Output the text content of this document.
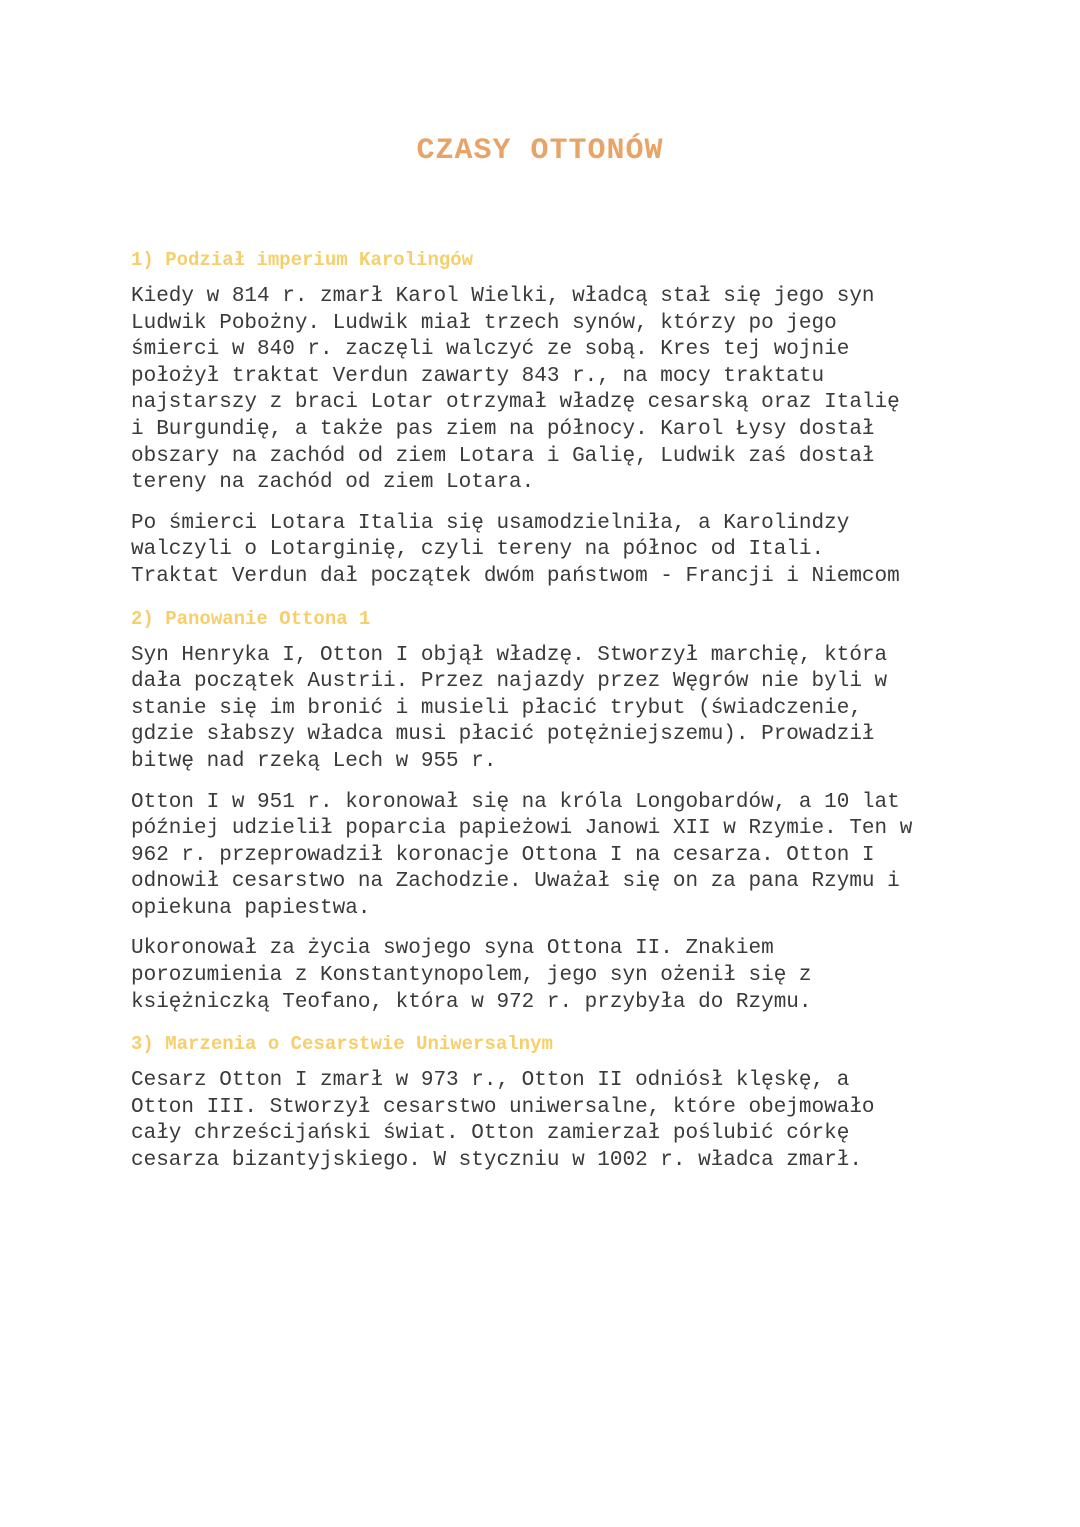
CZASY OTTONÓW
1) Podział imperium Karolingów

Kiedy w 814 r. zmarł Karol Wielki, władcą stał się jego syn
Ludwik Pobożny. Ludwik miał trzech synów, którzy po jego
śmierci w 840 r. zaczęli walczyć ze sobą. Kres tej wojnie
położył traktat Verdun zawarty 843 r., na mocy traktatu
najstarszy z braci Lotar otrzymał władzę cesarską oraz Italię
i Burgundię, a także pas ziem na północy. Karol Łysy dostał
obszary na zachód od ziem Lotara i Galię, Ludwik zaś dostał
tereny na zachód od ziem Lotara.

Po śmierci Lotara Italia się usamodzielniła, a Karolindzy
walczyli o Lotarginię, czyli tereny na północ od Itali.
Traktat Verdun dał początek dwóm państwom - Francji i Niemcom

2) Panowanie Ottona 1

Syn Henryka I, Otton I objął władzę. Stworzył marchię, która
dała początek Austrii. Przez najazdy przez Węgrów nie byli w
stanie się im bronić i musieli płacić trybut (świadczenie,
gdzie słabszy władca musi płacić potężniejszemu). Prowadził
bitwę nad rzeką Lech w 955 r.

Otton I w 951 r. koronował się na króla Longobardów, a 10 lat
później udzielił poparcia papieżowi Janowi XII w Rzymie. Ten w
962 r. przeprowadził koronacje Ottona I na cesarza. Otton I
odnowił cesarstwo na Zachodzie. Uważał się on za pana Rzymu i
opiekuna papiestwa.

Ukoronował za życia swojego syna Ottona II. Znakiem
porozumienia z Konstantynopolem, jego syn ożenił się z
księżniczką Teofano, która w 972 r. przybyła do Rzymu.

3) Marzenia o Cesarstwie Uniwersalnym

Cesarz Otton I zmarł w 973 r., Otton II odniósł klęskę, a
Otton III. Stworzył cesarstwo uniwersalne, które obejmowało
cały chrześcijański świat. Otton zamierzał poślubić córkę
cesarza bizantyjskiego. W styczniu w 1002 r. władca zmarł.
